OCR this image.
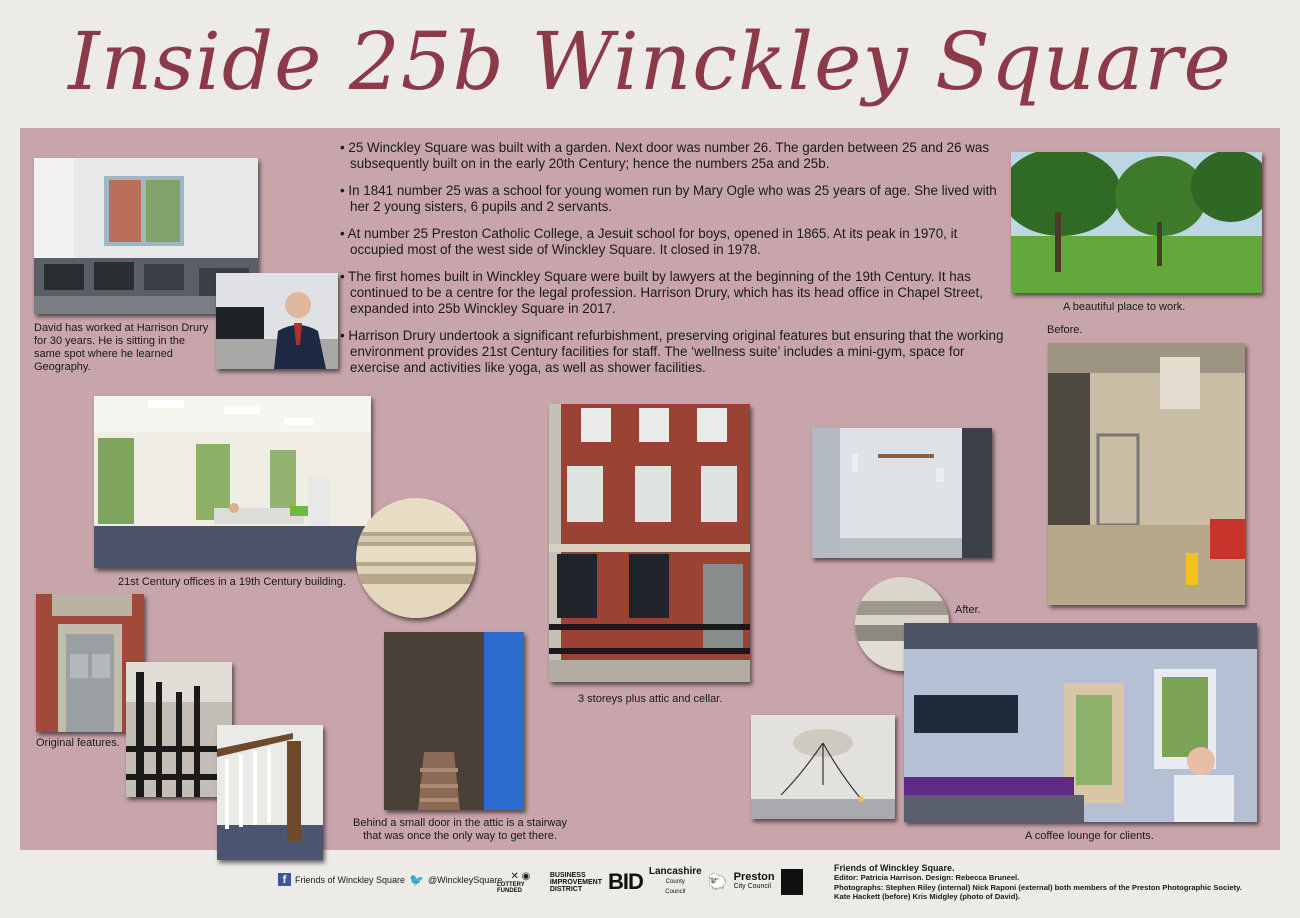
Inside 25b Winckley Square
• 25 Winckley Square was built with a garden. Next door was number 26. The garden between 25 and 26 was subsequently built on in the early 20th Century; hence the numbers 25a and 25b.
• In 1841 number 25 was a school for young women run by Mary Ogle who was 25 years of age. She lived with her 2 young sisters, 6 pupils and 2 servants.
• At number 25 Preston Catholic College, a Jesuit school for boys, opened in 1865. At its peak in 1970, it occupied most of the west side of Winckley Square. It closed in 1978.
• The first homes built in Winckley Square were built by lawyers at the beginning of the 19th Century. It has continued to be a centre for the legal profession. Harrison Drury, which has its head office in Chapel Street, expanded into 25b Winckley Square in 2017.
• Harrison Drury undertook a significant refurbishment, preserving original features but ensuring that the working environment provides 21st Century facilities for staff. The ‘wellness suite’ includes a mini-gym, space for exercise and activities like yoga, as well as shower facilities.
David has worked at Harrison Drury for 30 years. He is sitting in the same spot where he learned Geography.
21st Century offices in a 19th Century building.
Original features.
Behind a small door in the attic is a stairway that was once the only way to get there.
3 storeys plus attic and cellar.
A beautiful place to work.
Before.
After.
A coffee lounge for clients.
f Friends of Winckley Square 🐦 @WinckleySquare ✕ ◉
LOTTERY FUNDED
BUSINESS
IMPROVEMENT
DISTRICT	BID Lancashire
County Council
🐑 Preston
City Council
Friends of Winckley Square.
Editor: Patricia Harrison. Design: Rebecca Bruneel.
Photographs: Stephen Riley (internal) Nick Raponi (external) both members of the Preston Photographic Society.
Kate Hackett (before) Kris Midgley (photo of David).
